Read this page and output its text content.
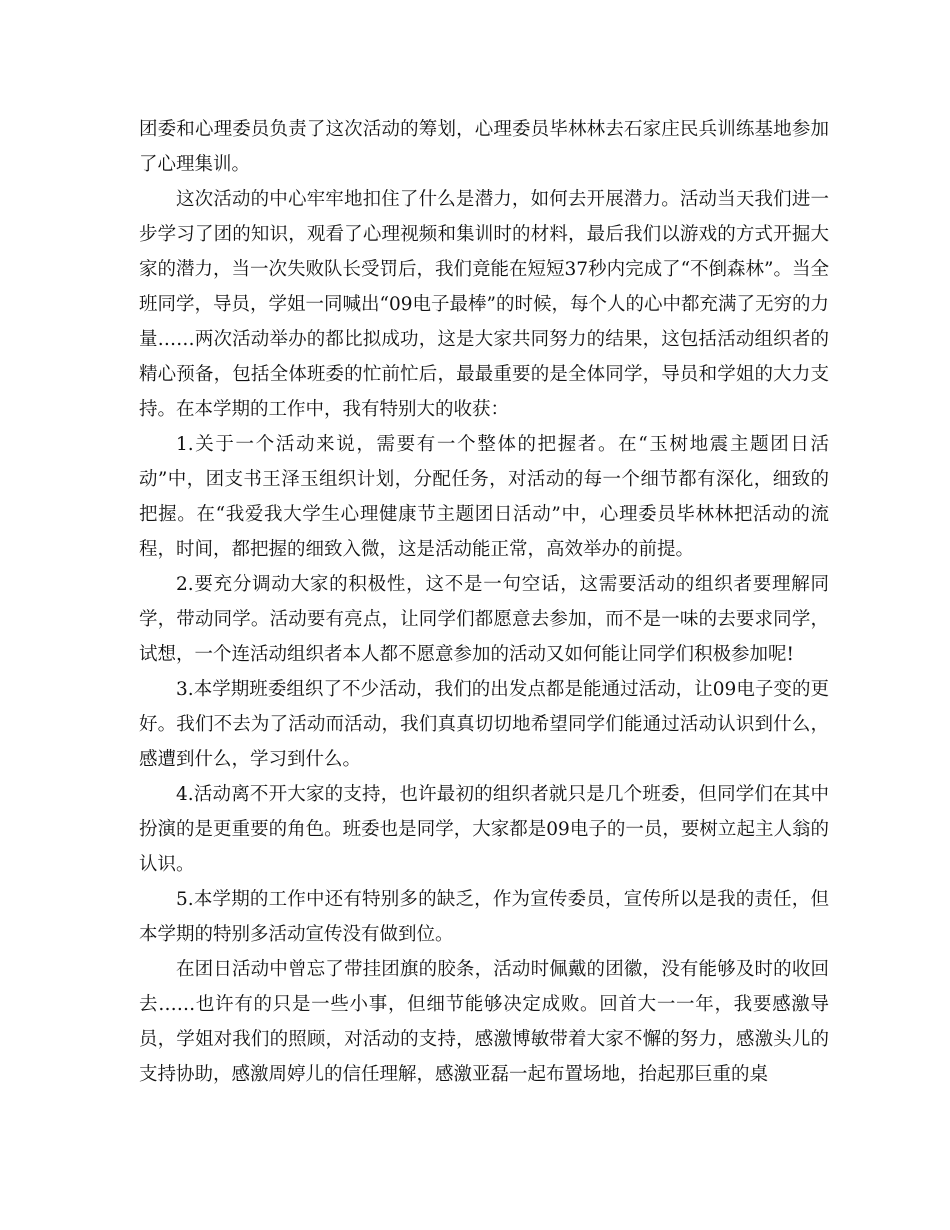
团委和心理委员负责了这次活动的筹划，心理委员毕林林去石家庄民兵训练基地参加了心理集训。

这次活动的中心牢牢地扣住了什么是潜力，如何去开展潜力。活动当天我们进一步学习了团的知识，观看了心理视频和集训时的材料，最后我们以游戏的方式开掘大家的潜力，当一次失败队长受罚后，我们竟能在短短37秒内完成了“不倒森林”。当全班同学，导员，学姐一同喊出“09电子最棒”的时候，每个人的心中都充满了无穷的力量……两次活动举办的都比拟成功，这是大家共同努力的结果，这包括活动组织者的精心预备，包括全体班委的忙前忙后，最最重要的是全体同学，导员和学姐的大力支持。在本学期的工作中，我有特别大的收获：

1.关于一个活动来说，需要有一个整体的把握者。在“玉树地震主题团日活动”中，团支书王泽玉组织计划，分配任务，对活动的每一个细节都有深化，细致的把握。在“我爱我大学生心理健康节主题团日活动”中，心理委员毕林林把活动的流程，时间，都把握的细致入微，这是活动能正常，高效举办的前提。

2.要充分调动大家的积极性，这不是一句空话，这需要活动的组织者要理解同学，带动同学。活动要有亮点，让同学们都愿意去参加，而不是一味的去要求同学，试想，一个连活动组织者本人都不愿意参加的活动又如何能让同学们积极参加呢!

3.本学期班委组织了不少活动，我们的出发点都是能通过活动，让09电子变的更好。我们不去为了活动而活动，我们真真切切地希望同学们能通过活动认识到什么，感遭到什么，学习到什么。

4.活动离不开大家的支持，也许最初的组织者就只是几个班委，但同学们在其中扮演的是更重要的角色。班委也是同学，大家都是09电子的一员，要树立起主人翁的认识。

5.本学期的工作中还有特别多的缺乏，作为宣传委员，宣传所以是我的责任，但本学期的特别多活动宣传没有做到位。

在团日活动中曾忘了带挂团旗的胶条，活动时佩戴的团徽，没有能够及时的收回去……也许有的只是一些小事，但细节能够决定成败。回首大一一年，我要感激导员，学姐对我们的照顾，对活动的支持，感激博敏带着大家不懈的努力，感激头儿的支持协助，感激周婷儿的信任理解，感激亚磊一起布置场地，抬起那巨重的桌
